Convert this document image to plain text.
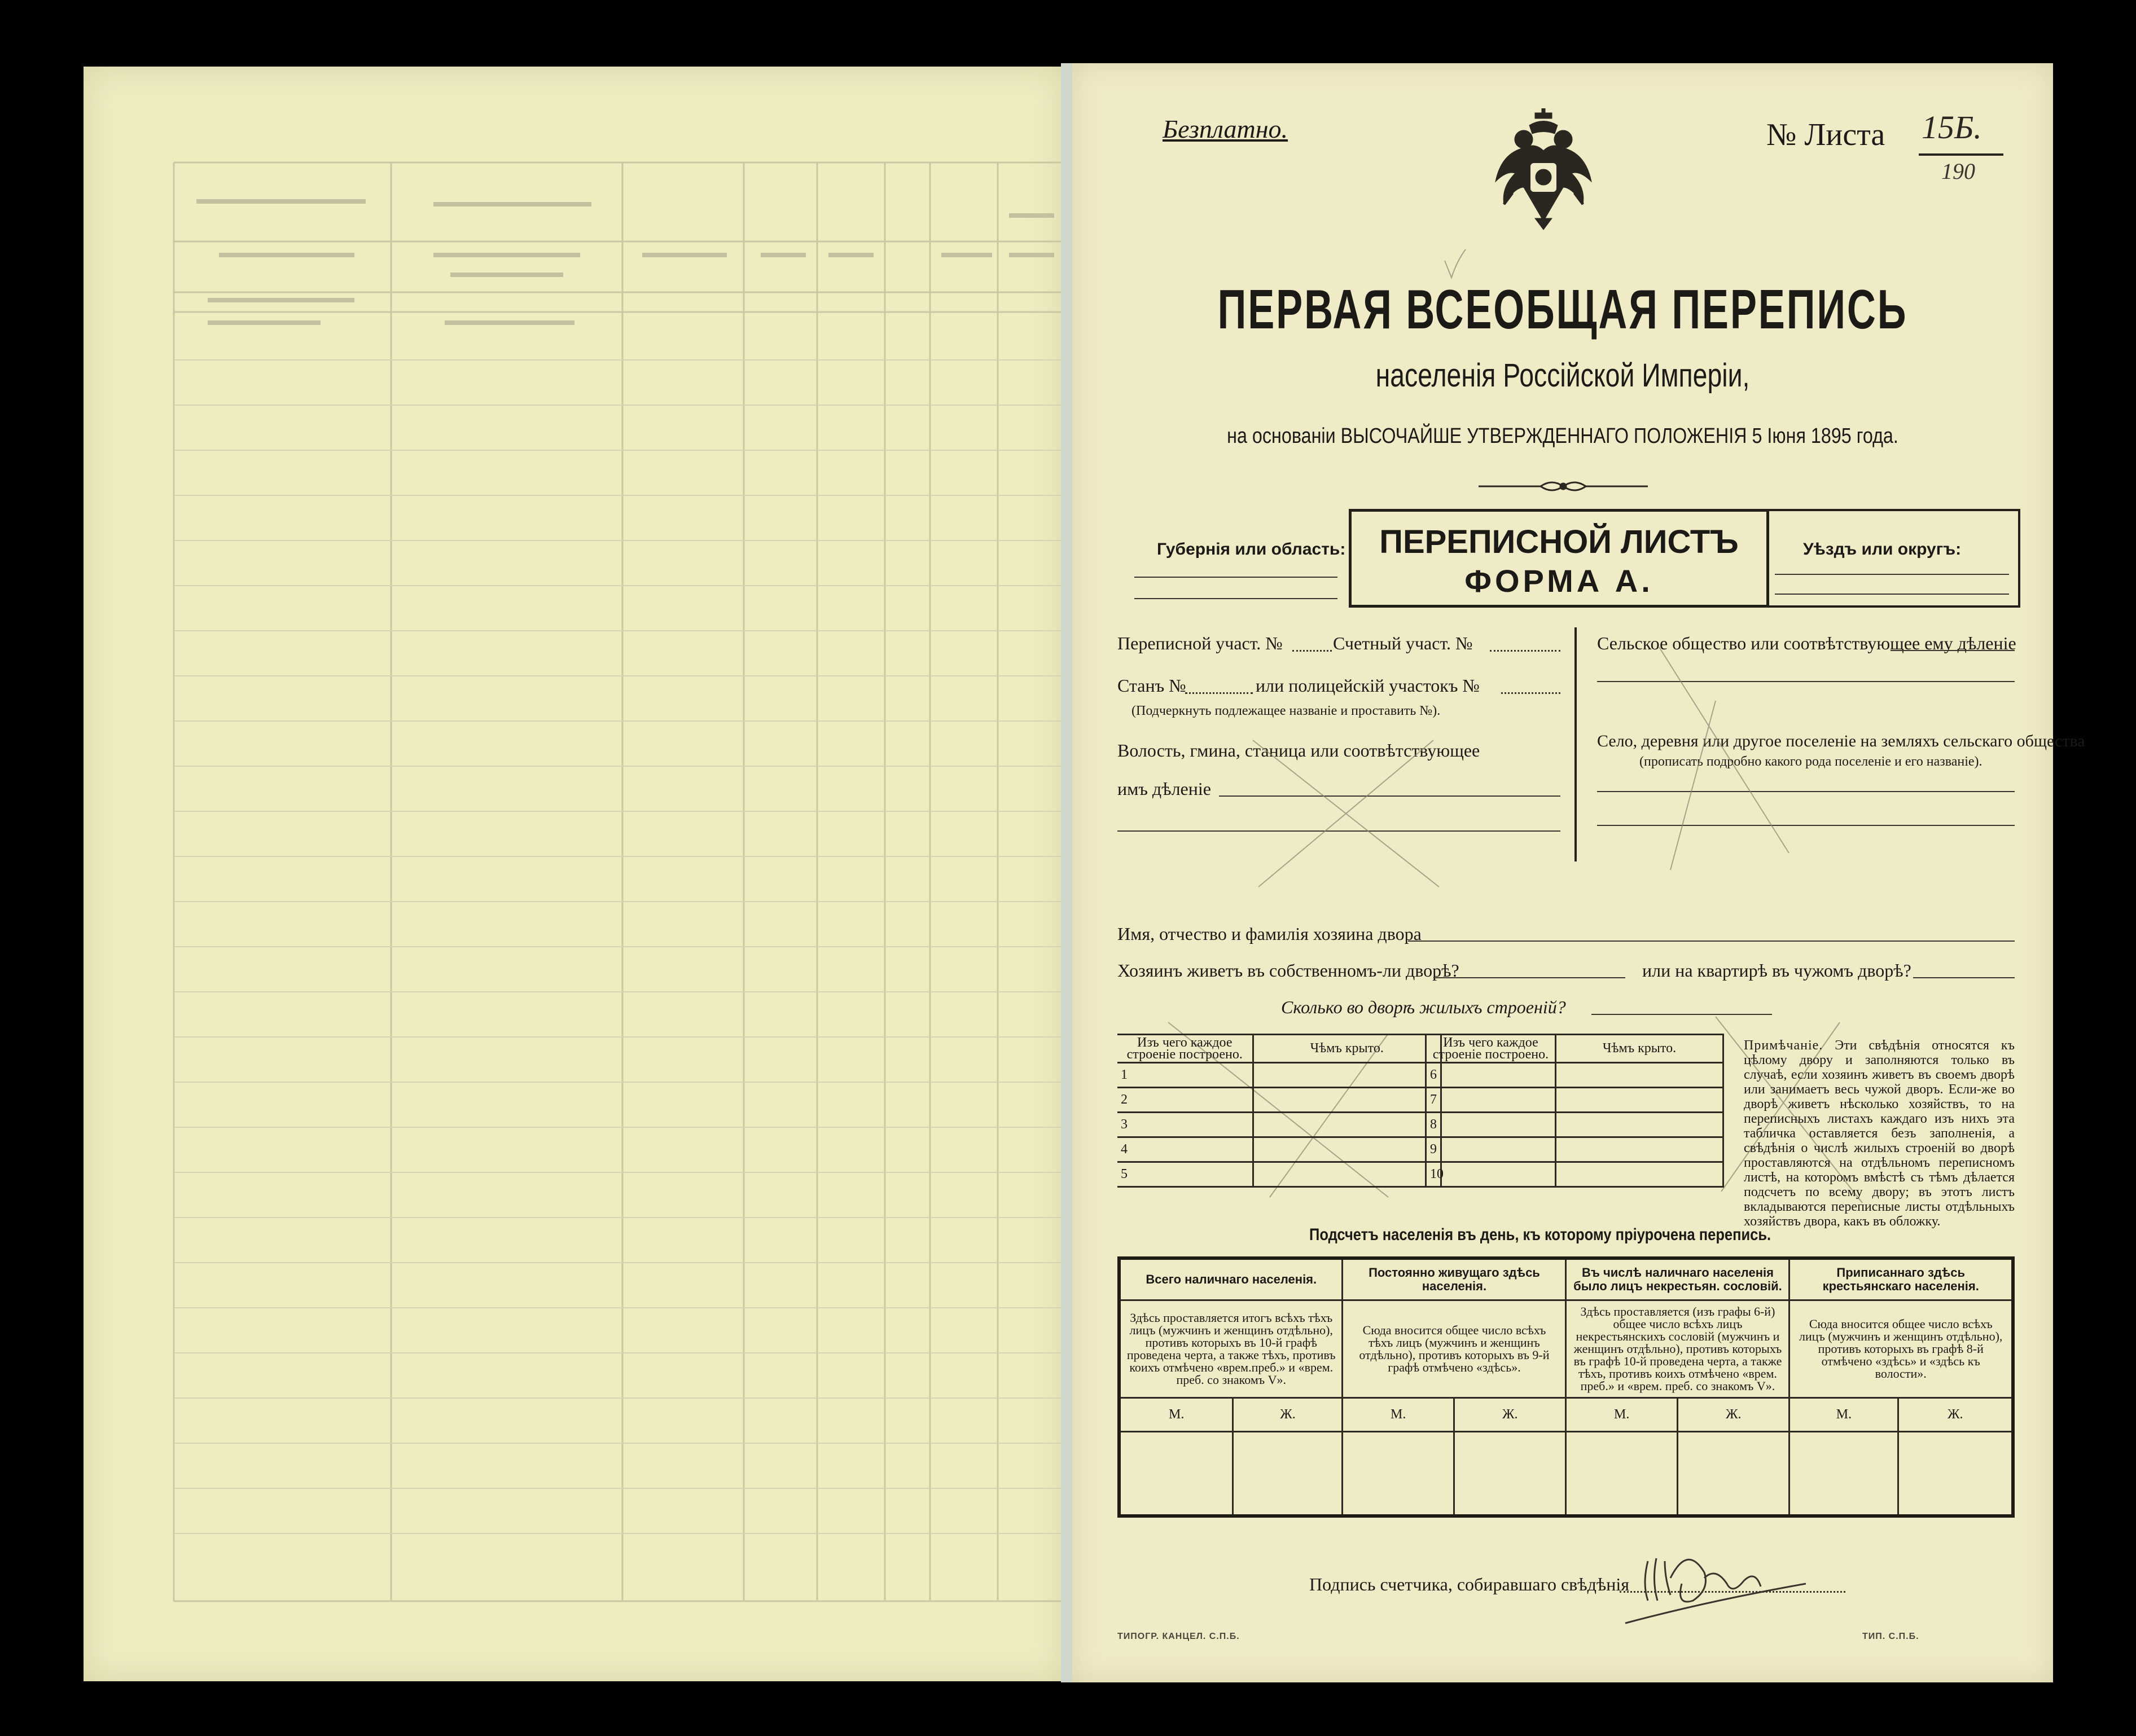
Безплатно.	№ Листа 15Б.
190
ПЕРВАЯ ВСЕОБЩАЯ ПЕРЕПИСЬ
населенія Россійской Имперіи,
на основаніи ВЫСОЧАЙШЕ УТВЕРЖДЕННАГО ПОЛОЖЕНІЯ 5 Іюня 1895 года.
Губернія или область:	ПЕРЕПИСНОЙ ЛИСТЪ
ФОРМА А.
Уѣздъ или округъ:
Переписной участ. №	Счетный участ. №
Станъ №	или полицейскій участокъ №
(Подчеркнуть подлежащее названіе и проставить №).
Волость, гмина, станица или соотвѣтствующее
имъ дѣленіе
Сельское общество или соотвѣтствующее ему дѣленіе
Село, деревня или другое поселеніе на земляхъ сельскаго общества
(прописать подробно какого рода поселеніе и его названіе).
Имя, отчество и фамилія хозяина двора
Хозяинъ живетъ въ собственномъ-ли дворѣ?	или на квартирѣ въ чужомъ дворѣ?
Сколько во дворѣ жилыхъ строеній?
Изъ чего каждое строеніе построено.	Чѣмъ крыто.
1	
2	
3	
4	
5	
Изъ чего каждое строеніе построено.	Чѣмъ крыто.
6	
7	
8	
9	
10	
Примѣчаніе. Эти свѣдѣнія относятся къ цѣлому двору и заполняются только въ случаѣ, если хозяинъ живетъ въ своемъ дворѣ или занимаетъ весь чужой дворъ. Если-же во дворѣ живетъ нѣсколько хозяйствъ, то на переписныхъ листахъ каждаго изъ нихъ эта табличка оставляется безъ заполненія, а свѣдѣнія о числѣ жилыхъ строеній во дворѣ проставляются на отдѣльномъ переписномъ листѣ, на которомъ вмѣстѣ съ тѣмъ дѣлается подсчетъ по всему двору; въ этотъ листъ вкладываются переписные листы отдѣльныхъ хозяйствъ двора, какъ въ обложку.
Подсчетъ населенія въ день, къ которому пріурочена перепись.
Всего наличнаго населенія.		Постоянно живущаго здѣсь населенія.		Въ числѣ наличнаго населенія было лицъ некрестьян. сословій.		Приписаннаго здѣсь крестьянскаго населенія.	
Здѣсь проставляется итогъ всѣхъ тѣхъ лицъ (мужчинъ и женщинъ отдѣльно), противъ которыхъ въ 10-й графѣ проведена черта, а также тѣхъ, противъ коихъ отмѣчено «врем.преб.» и «врем. преб. со знакомъ V».		Сюда вносится общее число всѣхъ тѣхъ лицъ (мужчинъ и женщинъ отдѣльно), противъ которыхъ въ 9-й графѣ отмѣчено «здѣсь».		Здѣсь проставляется (изъ графы 6-й) общее число всѣхъ лицъ некрестьянскихъ сословій (мужчинъ и женщинъ отдѣльно), противъ которыхъ въ графѣ 10-й проведена черта, а также тѣхъ, противъ коихъ отмѣчено «врем. преб.» и «врем. преб. со знакомъ V».		Сюда вносится общее число всѣхъ лицъ (мужчинъ и женщинъ отдѣльно), противъ которыхъ въ графѣ 8-й отмѣчено «здѣсь» и «здѣсь къ волости».	
М.	Ж.	М.	Ж.	М.	Ж.	М.	Ж.

Подпись счетчика, собиравшаго свѣдѣнія
ТИПОГР. КАНЦЕЛ. С.П.Б.	ТИП. С.П.Б.
